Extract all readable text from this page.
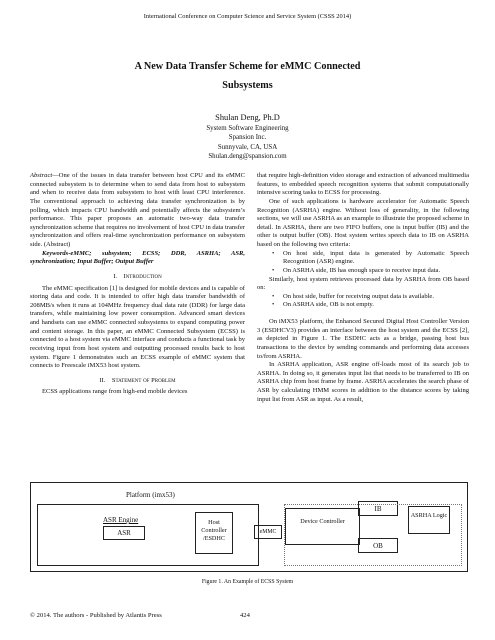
International Conference on Computer Science and Service System (CSSS 2014)
A New Data Transfer Scheme for eMMC Connected
Subsystems
Shulan Deng, Ph.D
System Software Engineering
Spansion Inc.
Sunnyvale, CA, USA
Shulan.deng@spansion.com

Abstract—One of the issues in data transfer between host CPU and its eMMC connected subsystem is to determine when to send data from host to subsystem and when to receive data from subsystem to host with least CPU interference. The conventional approach to achieving data transfer synchronization is by polling, which impacts CPU bandwidth and potentially affects the subsystem’s performance. This paper proposes an automatic two-way data transfer synchronization scheme that requires no involvement of host CPU in data transfer synchronization and offers real-time synchronization performance on subsystem side. (Abstract)

Keywords-eMMC; subsystem; ECSS; DDR, ASRHA; ASR, synchronization; Input Buffer; Output Buffer

I. Introduction

The eMMC specification [1] is designed for mobile devices and is capable of storing data and code. It is intended to offer high data transfer bandwidth of 208MB/s when it runs at 104MHz frequency dual data rate (DDR) for large data transfers, while maintaining low power consumption. Advanced smart devices and handsets can use eMMC connected subsystems to expand computing power and content storage. In this paper, an eMMC Connected Subsystem (ECSS) is connected to a host system via eMMC interface and conducts a functional task by receiving input from host system and outputting processed results back to host system. Figure 1 demonstrates such an ECSS example of eMMC system that connects to Freescale iMX53 host system.

II. Statement of Problem

ECSS applications range from high-end mobile devices

that require high-definition video storage and extraction of advanced multimedia features, to embedded speech recognition systems that submit computationally intensive scoring tasks to ECSS for processing.

One of such applications is hardware accelerator for Automatic Speech Recognition (ASRHA) engine. Without loss of generality, in the following sections, we will use ASRHA as an example to illustrate the proposed scheme in detail. In ASRHA, there are two FIFO buffers, one is input buffer (IB) and the other is output buffer (OB). Host system writes speech data to IB on ASRHA based on the following two criteria:

• On host side, input data is generated by Automatic Speech Recognition (ASR) engine.
• On ASRHA side, IB has enough space to receive input data.

Similarly, host system retrieves processed data by ASRHA from OB based on:

• On host side, buffer for receiving output data is available.
• On ASRHA side, OB is not empty.

On iMX53 platform, the Enhanced Secured Digital Host Controller Version 3 (ESDHCV3) provides an interface between the host system and the ECSS [2], as depicted in Figure 1. The ESDHC acts as a bridge, passing host bus transactions to the device by sending commands and performing data accesses to/from ASRHA.

In ASRHA application, ASR engine off-loads most of its search job to ASRHA. In doing so, it generates input list that needs to be transferred to IB on ASRHA chip from host frame by frame. ASRHA accelerates the search phase of ASR by calculating HMM scores in addition to the distance scores by taking input list from ASR as input. As a result,

Platform (imx53)
ASR Engine
ASR
Host Controller /ESDHC
eMMC
Device Controller
IB
OB
ASRHA Logic
Figure 1. An Example of ECSS System
© 2014. The authors - Published by Atlantis Press	424
